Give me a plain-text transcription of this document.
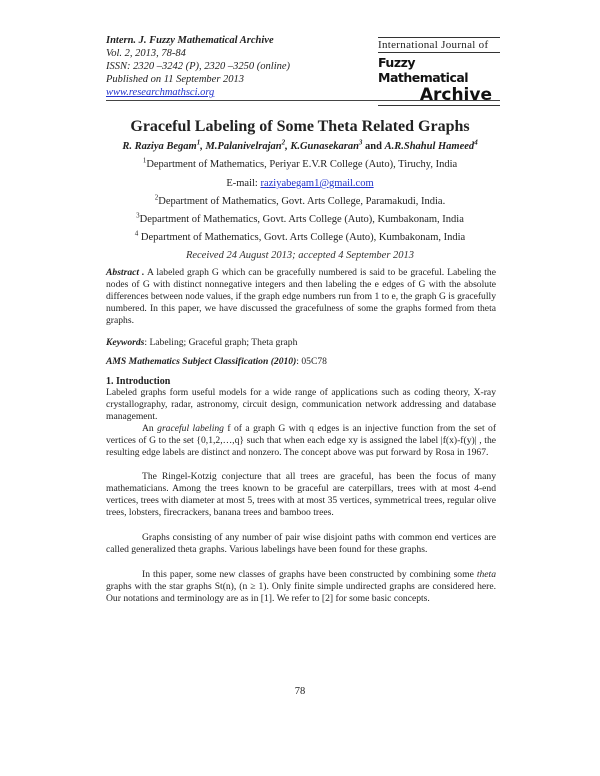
Intern. J. Fuzzy Mathematical Archive
Vol. 2, 2013, 78-84
ISSN: 2320 –3242 (P), 2320 –3250 (online)
Published on 11 September 2013
www.researchmathsci.org
International Journal of
Fuzzy Mathematical
Archive
Graceful Labeling of Some Theta Related Graphs
R. Raziya Begam$^1$, M.Palanivelrajan$^2$, K.Gunasekaran$^3$ and A.R.Shahul Hameed$^4$
$^1$Department of Mathematics, Periyar E.V.R College (Auto), Tiruchy, India
E-mail: raziyabegam1@gmail.com
$^2$Department of Mathematics, Govt. Arts College, Paramakudi, India.
$^3$Department of Mathematics, Govt. Arts College (Auto), Kumbakonam, India
$^4$ Department of Mathematics, Govt. Arts College (Auto), Kumbakonam, India
Received 24 August 2013; accepted 4 September 2013
Abstract . A labeled graph G which can be gracefully numbered is said to be graceful. Labeling the nodes of G with distinct nonnegative integers and then labeling the e edges of G with the absolute differences between node values, if the graph edge numbers run from 1 to e, the graph G is gracefully numbered. In this paper, we have discussed the gracefulness of some the graphs formed from theta graphs.
Keywords: Labeling; Graceful graph; Theta graph
AMS Mathematics Subject Classification (2010): 05C78
1. Introduction
Labeled graphs form useful models for a wide range of applications such as coding theory, X-ray crystallography, radar, astronomy, circuit design, communication network addressing and database management.
An graceful labeling f of a graph G with q edges is an injective function from the set of vertices of G to the set {0,1,2,…,q} such that when each edge xy is assigned the label |f(x)-f(y)| , the resulting edge labels are distinct and nonzero. The concept above was put forward by Rosa in 1967.
The Ringel-Kotzig conjecture that all trees are graceful, has been the focus of many mathematicians. Among the trees known to be graceful are caterpillars, trees with at most 4-end vertices, trees with diameter at most 5, trees with at most 35 vertices, symmetrical trees, regular olive trees, lobsters, firecrackers, banana trees and bamboo trees.
Graphs consisting of any number of pair wise disjoint paths with common end vertices are called generalized theta graphs. Various labelings have been found for these graphs.
In this paper, some new classes of graphs have been constructed by combining some theta graphs with the star graphs St(n), (n ≥ 1). Only finite simple undirected graphs are considered here. Our notations and terminology are as in [1]. We refer to [2] for some basic concepts.
78
